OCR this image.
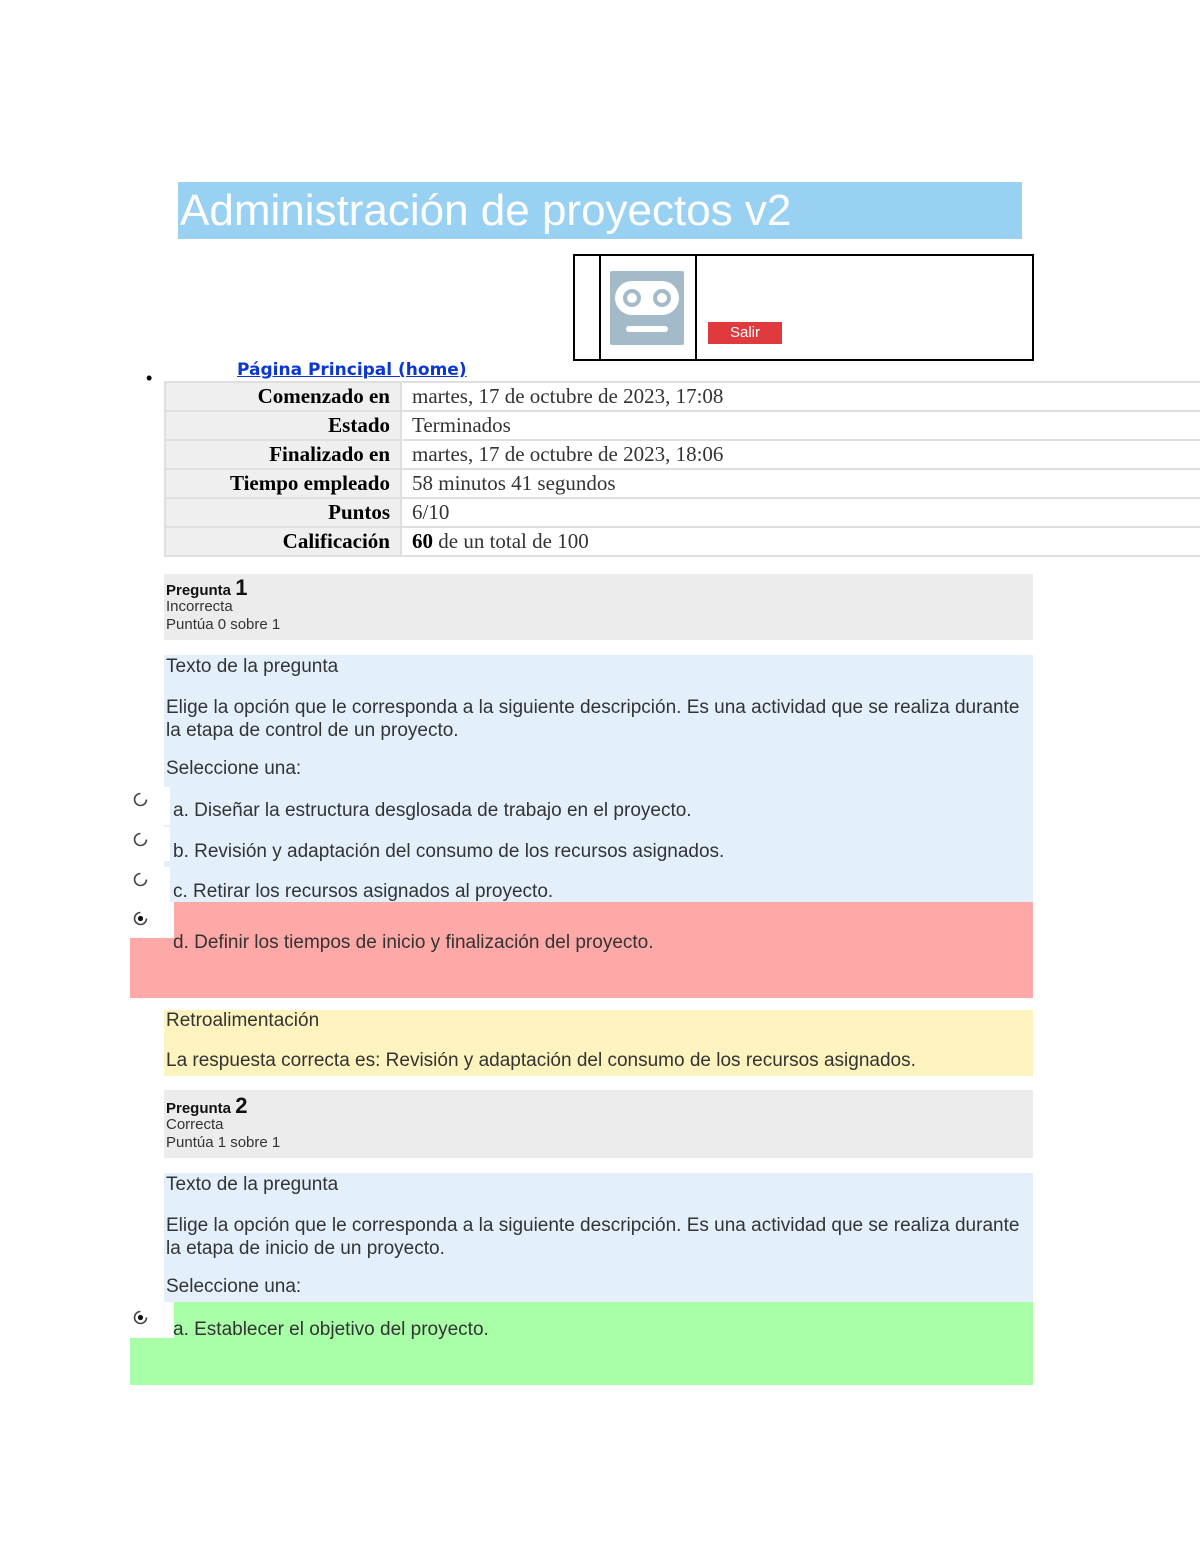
Administración de proyectos v2
Salir
•	Página Principal (home)
Comenzado en	martes, 17 de octubre de 2023, 17:08
Estado	Terminados
Finalizado en	martes, 17 de octubre de 2023, 18:06
Tiempo empleado	58 minutos 41 segundos
Puntos	6/10
Calificación	60 de un total de 100
Pregunta 1
Incorrecta
Puntúa 0 sobre 1

Texto de la pregunta

Elige la opción que le corresponda a la siguiente descripción. Es una actividad que se realiza durante la etapa de control de un proyecto.

Seleccione una:

a. Diseñar la estructura desglosada de trabajo en el proyecto.
b. Revisión y adaptación del consumo de los recursos asignados.
c. Retirar los recursos asignados al proyecto.
d. Definir los tiempos de inicio y finalización del proyecto.
Retroalimentación
La respuesta correcta es: Revisión y adaptación del consumo de los recursos asignados.
Pregunta 2
Correcta
Puntúa 1 sobre 1

Texto de la pregunta

Elige la opción que le corresponda a la siguiente descripción. Es una actividad que se realiza durante la etapa de inicio de un proyecto.

Seleccione una:

a. Establecer el objetivo del proyecto.
